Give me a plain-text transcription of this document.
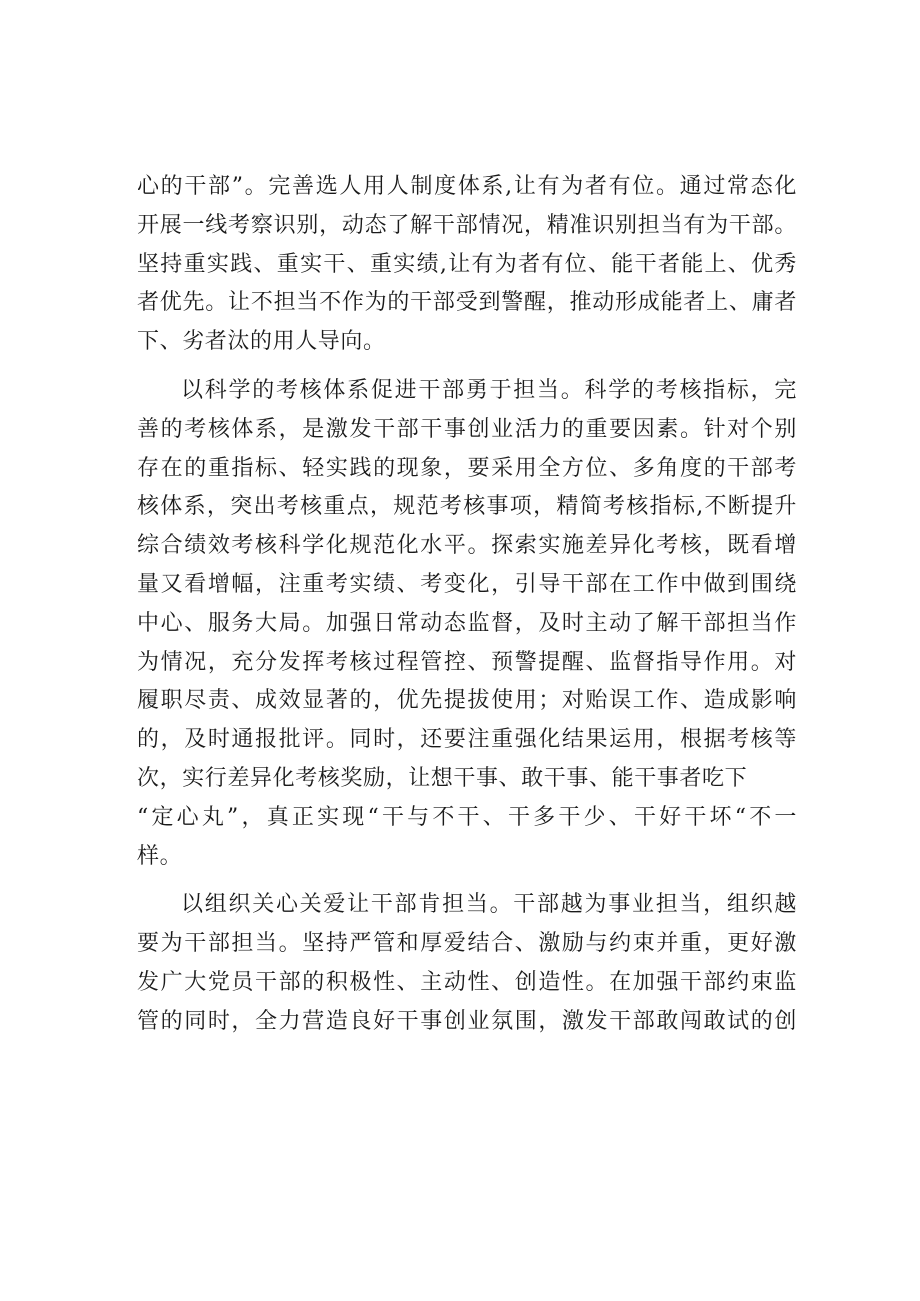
心的干部”。完善选人用人制度体系,让有为者有位。通过常态化
开展一线考察识别，动态了解干部情况，精准识别担当有为干部。
坚持重实践、重实干、重实绩,让有为者有位、能干者能上、优秀
者优先。让不担当不作为的干部受到警醒，推动形成能者上、庸者
下、劣者汰的用人导向。
以科学的考核体系促进干部勇于担当。科学的考核指标，完
善的考核体系，是激发干部干事创业活力的重要因素。针对个别
存在的重指标、轻实践的现象，要采用全方位、多角度的干部考
核体系，突出考核重点，规范考核事项，精简考核指标,不断提升
综合绩效考核科学化规范化水平。探索实施差异化考核，既看增
量又看增幅，注重考实绩、考变化，引导干部在工作中做到围绕
中心、服务大局。加强日常动态监督，及时主动了解干部担当作
为情况，充分发挥考核过程管控、预警提醒、监督指导作用。对
履职尽责、成效显著的，优先提拔使用；对贻误工作、造成影响
的，及时通报批评。同时，还要注重强化结果运用，根据考核等
次，实行差异化考核奖励，让想干事、敢干事、能干事者吃下
“定心丸”，真正实现“干与不干、干多干少、干好干坏“不一
样。
以组织关心关爱让干部肯担当。干部越为事业担当，组织越
要为干部担当。坚持严管和厚爱结合、激励与约束并重，更好激
发广大党员干部的积极性、主动性、创造性。在加强干部约束监
管的同时，全力营造良好干事创业氛围，激发干部敢闯敢试的创
